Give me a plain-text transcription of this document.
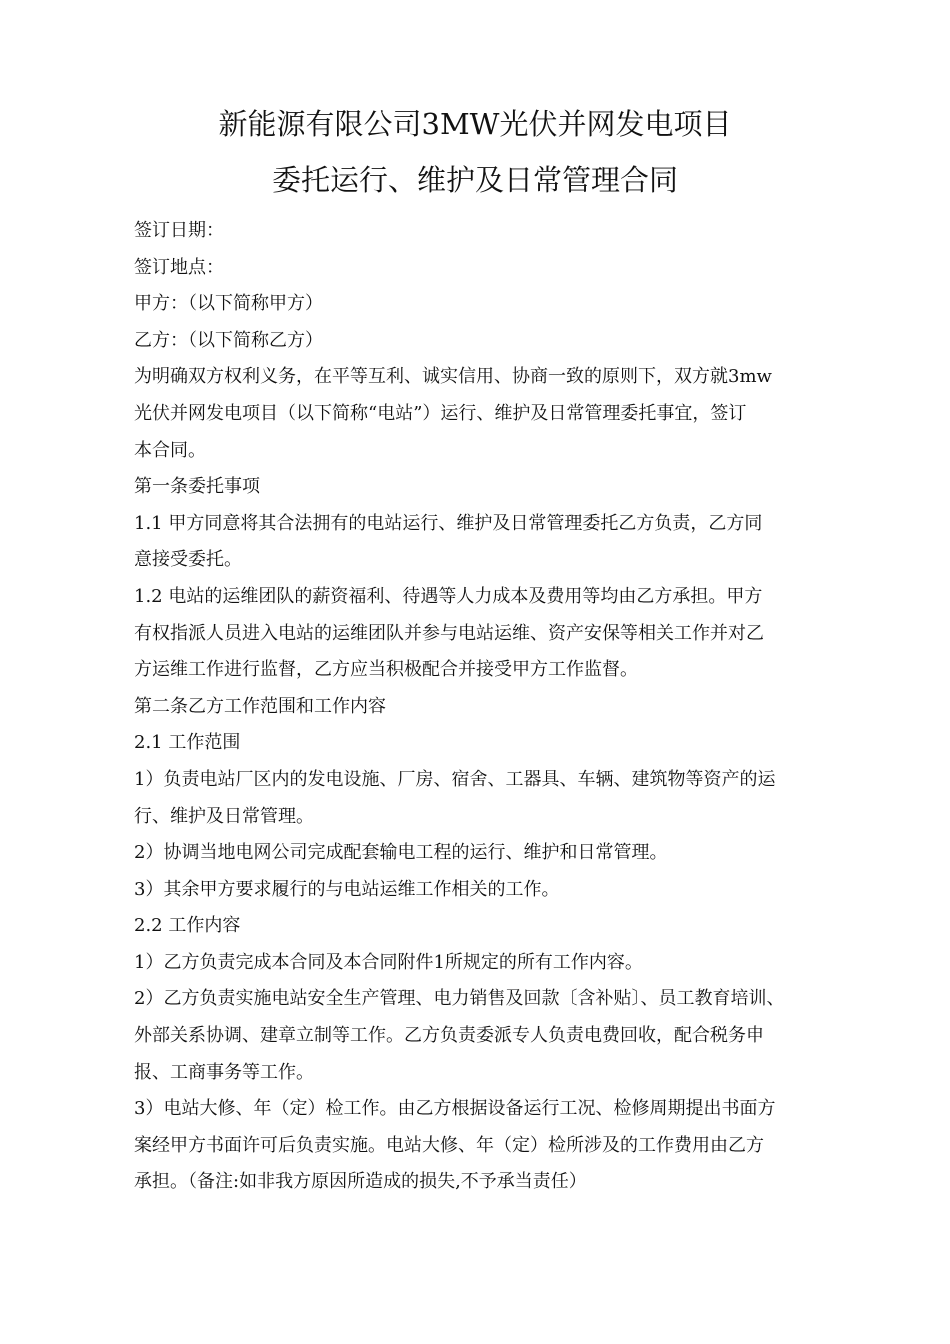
新能源有限公司3MW光伏并网发电项目
委托运行、维护及日常管理合同
签订日期：
签订地点：
甲方：（以下简称甲方）
乙方：（以下简称乙方）
为明确双方权利义务，在平等互利、诚实信用、协商一致的原则下，双方就3mw
光伏并网发电项目（以下简称“电站”）运行、维护及日常管理委托事宜，签订
本合同。
第一条委托事项
1.1 甲方同意将其合法拥有的电站运行、维护及日常管理委托乙方负责，乙方同
意接受委托。
1.2 电站的运维团队的薪资福利、待遇等人力成本及费用等均由乙方承担。甲方
有权指派人员进入电站的运维团队并参与电站运维、资产安保等相关工作并对乙
方运维工作进行监督，乙方应当积极配合并接受甲方工作监督。
第二条乙方工作范围和工作内容
2.1 工作范围
1）负责电站厂区内的发电设施、厂房、宿舍、工器具、车辆、建筑物等资产的运
行、维护及日常管理。
2）协调当地电网公司完成配套输电工程的运行、维护和日常管理。
3）其余甲方要求履行的与电站运维工作相关的工作。
2.2 工作内容
1）乙方负责完成本合同及本合同附件1所规定的所有工作内容。
2）乙方负责实施电站安全生产管理、电力销售及回款〔含补贴〕、员工教育培训、
外部关系协调、建章立制等工作。乙方负责委派专人负责电费回收，配合税务申
报、工商事务等工作。
3）电站大修、年（定）检工作。由乙方根据设备运行工况、检修周期提出书面方
案经甲方书面许可后负责实施。电站大修、年（定）检所涉及的工作费用由乙方
承担。（备注:如非我方原因所造成的损失,不予承当责任）
